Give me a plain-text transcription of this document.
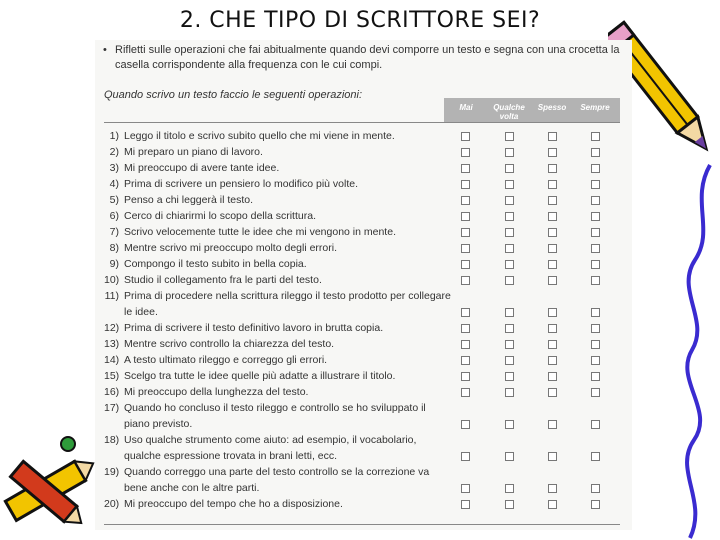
2. CHE TIPO DI SCRITTORE SEI?
• Rifletti sulle operazioni che fai abitualmente quando devi comporre un testo e segna con una crocetta la casella corrispondente alla frequenza con le cui compi.
Quando scrivo un testo faccio le seguenti operazioni:
Mai	Qualche volta
Spesso	Sempre
1) Leggo il titolo e scrivo subito quello che mi viene in mente.
2) Mi preparo un piano di lavoro.
3) Mi preoccupo di avere tante idee.
4) Prima di scrivere un pensiero lo modifico più volte.
5) Penso a chi leggerà il testo.
6) Cerco di chiarirmi lo scopo della scrittura.
7) Scrivo velocemente tutte le idee che mi vengono in mente.
8) Mentre scrivo mi preoccupo molto degli errori.
9) Compongo il testo subito in bella copia.
10) Studio il collegamento fra le parti del testo.
11) Prima di procedere nella scrittura rileggo il testo prodotto per collegare le idee.
12) Prima di scrivere il testo definitivo lavoro in brutta copia.
13) Mentre scrivo controllo la chiarezza del testo.
14) A testo ultimato rileggo e correggo gli errori.
15) Scelgo tra tutte le idee quelle più adatte a illustrare il titolo.
16) Mi preoccupo della lunghezza del testo.
17) Quando ho concluso il testo rileggo e controllo se ho sviluppato il piano previsto.
18) Uso qualche strumento come aiuto: ad esempio, il vocabolario, qualche espressione trovata in brani letti, ecc.
19) Quando correggo una parte del testo controllo se la correzione va bene anche con le altre parti.
20) Mi preoccupo del tempo che ho a disposizione.
